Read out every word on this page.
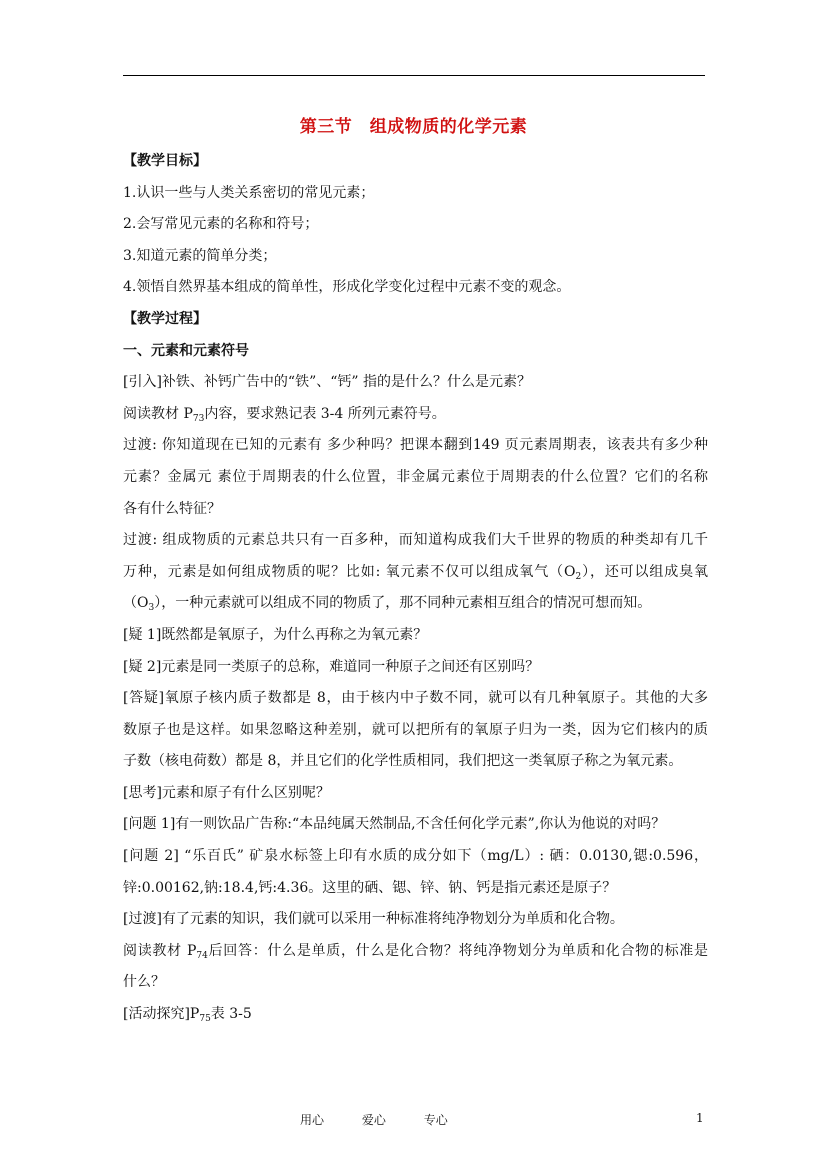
第三节　组成物质的化学元素

【教学目标】

1.认识一些与人类关系密切的常见元素；

2.会写常见元素的名称和符号；

3.知道元素的简单分类；

4.领悟自然界基本组成的简单性，形成化学变化过程中元素不变的观念。

【教学过程】

一、元素和元素符号

[引入]补铁、补钙广告中的“铁”、“钙” 指的是什么？什么是元素？

阅读教材 $P_{73}$内容，要求熟记表 3-4 所列元素符号。

过渡: 你知道现在已知的元素有 多少种吗？把课本翻到149 页元素周期表，该表共有多少种

元素？金属元 素位于周期表的什么位置，非金属元素位于周期表的什么位置？它们的名称

各有什么特征？

过渡: 组成物质的元素总共只有一百多种，而知道构成我们大千世界的物质的种类却有几千

万种，元素是如何组成物质的呢？比如: 氧元素不仅可以组成氧气$(O_2)$，还可以组成臭氧

$(O_3)$，一种元素就可以组成不同的物质了，那不同种元素相互组合的情况可想而知。

[疑 1]既然都是氧原子，为什么再称之为氧元素？

[疑 2]元素是同一类原子的总称，难道同一种原子之间还有区别吗？

[答疑]氧原子核内质子数都是 8，由于核内中子数不同，就可以有几种氧原子。其他的大多

数原子也是这样。如果忽略这种差别，就可以把所有的氧原子归为一类，因为它们核内的质

子数（核电荷数）都是 8，并且它们的化学性质相同，我们把这一类氧原子称之为氧元素。

[思考]元素和原子有什么区别呢？

[问题 1]有一则饮品广告称:“本品纯属天然制品,不含任何化学元素”,你认为他说的对吗？

[问题 2] “乐百氏” 矿泉水标签上印有水质的成分如下（mg/L）: 硒：0.0130,锶:0.596，

锌:0.00162,钠:18.4,钙:4.36。这里的硒、锶、锌、钠、钙是指元素还是原子？

[过渡]有了元素的知识，我们就可以采用一种标准将纯净物划分为单质和化合物。

阅读教材 $P_{74}$后回答：什么是单质，什么是化合物？将纯净物划分为单质和化合物的标准是

什么？

[活动探究]$P_{75}$表 3-5

用心	爱心	专心	1
